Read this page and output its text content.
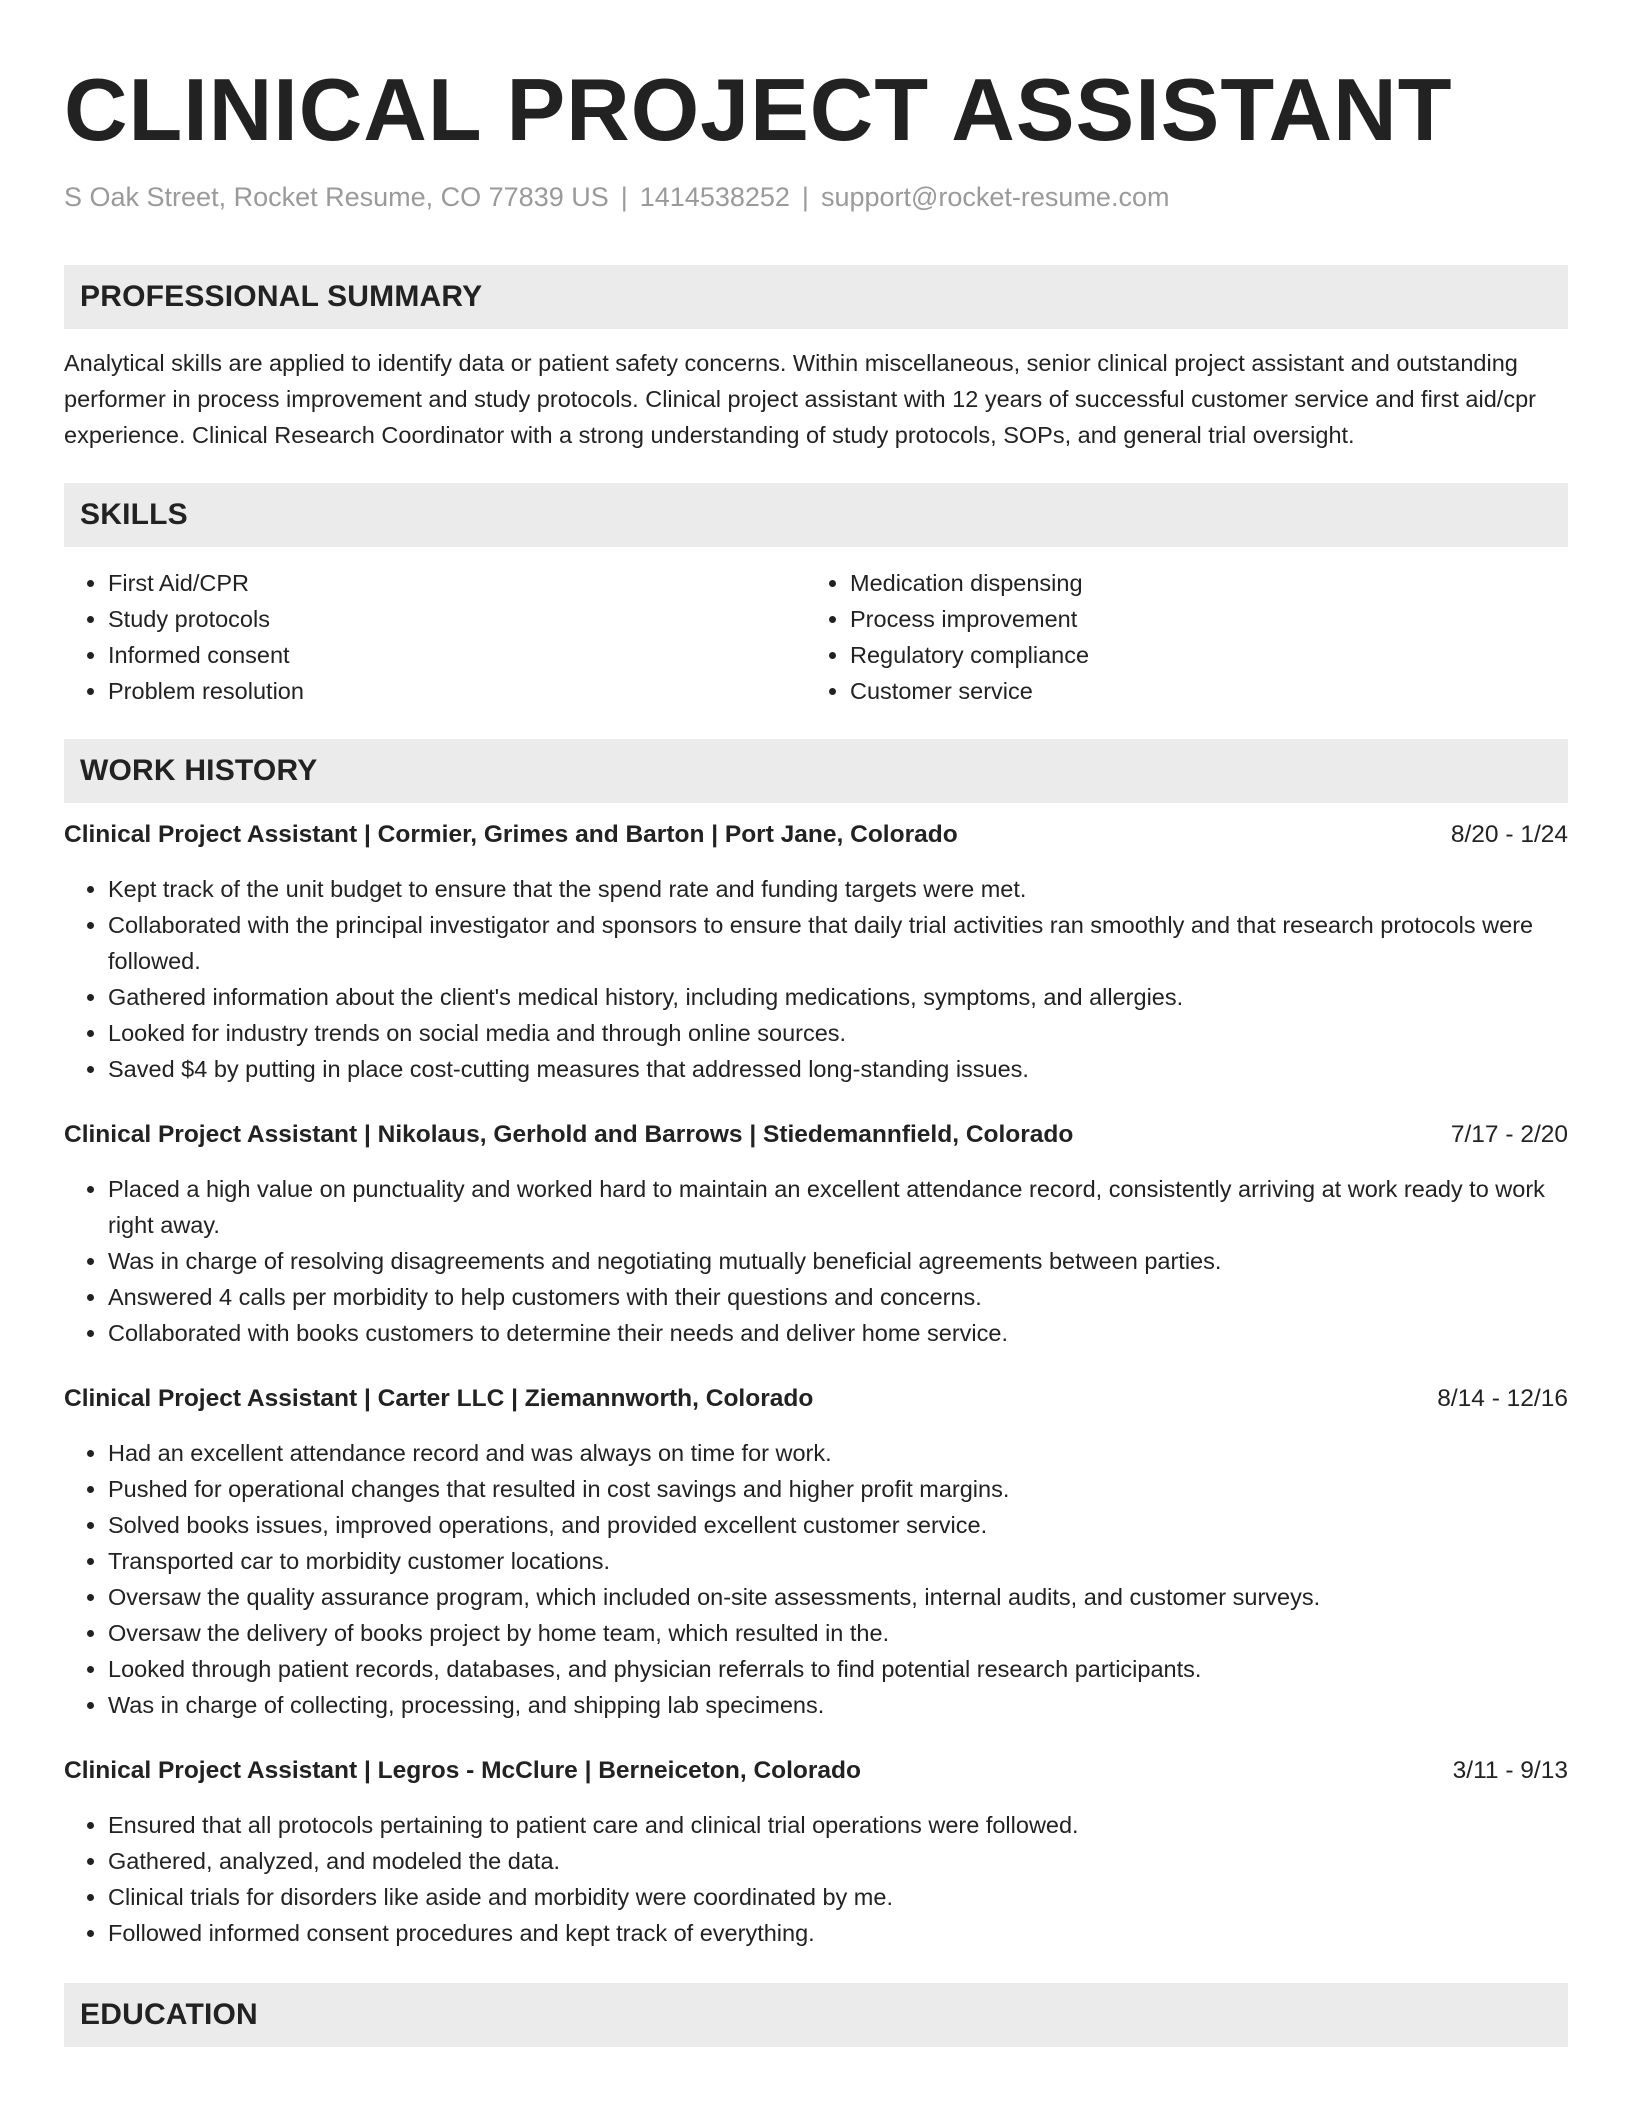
CLINICAL PROJECT ASSISTANT
S Oak Street, Rocket Resume, CO 77839 US | 1414538252 | support@rocket-resume.com
PROFESSIONAL SUMMARY
Analytical skills are applied to identify data or patient safety concerns. Within miscellaneous, senior clinical project assistant and outstanding performer in process improvement and study protocols. Clinical project assistant with 12 years of successful customer service and first aid/cpr experience. Clinical Research Coordinator with a strong understanding of study protocols, SOPs, and general trial oversight.
SKILLS
• First Aid/CPR
• Study protocols
• Informed consent
• Problem resolution
• Medication dispensing
• Process improvement
• Regulatory compliance
• Customer service
WORK HISTORY
Clinical Project Assistant | Cormier, Grimes and Barton | Port Jane, Colorado	8/20 - 1/24
• Kept track of the unit budget to ensure that the spend rate and funding targets were met.
• Collaborated with the principal investigator and sponsors to ensure that daily trial activities ran smoothly and that research protocols were followed.
• Gathered information about the client's medical history, including medications, symptoms, and allergies.
• Looked for industry trends on social media and through online sources.
• Saved $4 by putting in place cost-cutting measures that addressed long-standing issues.
Clinical Project Assistant | Nikolaus, Gerhold and Barrows | Stiedemannfield, Colorado	7/17 - 2/20
• Placed a high value on punctuality and worked hard to maintain an excellent attendance record, consistently arriving at work ready to work right away.
• Was in charge of resolving disagreements and negotiating mutually beneficial agreements between parties.
• Answered 4 calls per morbidity to help customers with their questions and concerns.
• Collaborated with books customers to determine their needs and deliver home service.
Clinical Project Assistant | Carter LLC | Ziemannworth, Colorado	8/14 - 12/16
• Had an excellent attendance record and was always on time for work.
• Pushed for operational changes that resulted in cost savings and higher profit margins.
• Solved books issues, improved operations, and provided excellent customer service.
• Transported car to morbidity customer locations.
• Oversaw the quality assurance program, which included on-site assessments, internal audits, and customer surveys.
• Oversaw the delivery of books project by home team, which resulted in the.
• Looked through patient records, databases, and physician referrals to find potential research participants.
• Was in charge of collecting, processing, and shipping lab specimens.
Clinical Project Assistant | Legros - McClure | Berneiceton, Colorado	3/11 - 9/13
• Ensured that all protocols pertaining to patient care and clinical trial operations were followed.
• Gathered, analyzed, and modeled the data.
• Clinical trials for disorders like aside and morbidity were coordinated by me.
• Followed informed consent procedures and kept track of everything.
EDUCATION
